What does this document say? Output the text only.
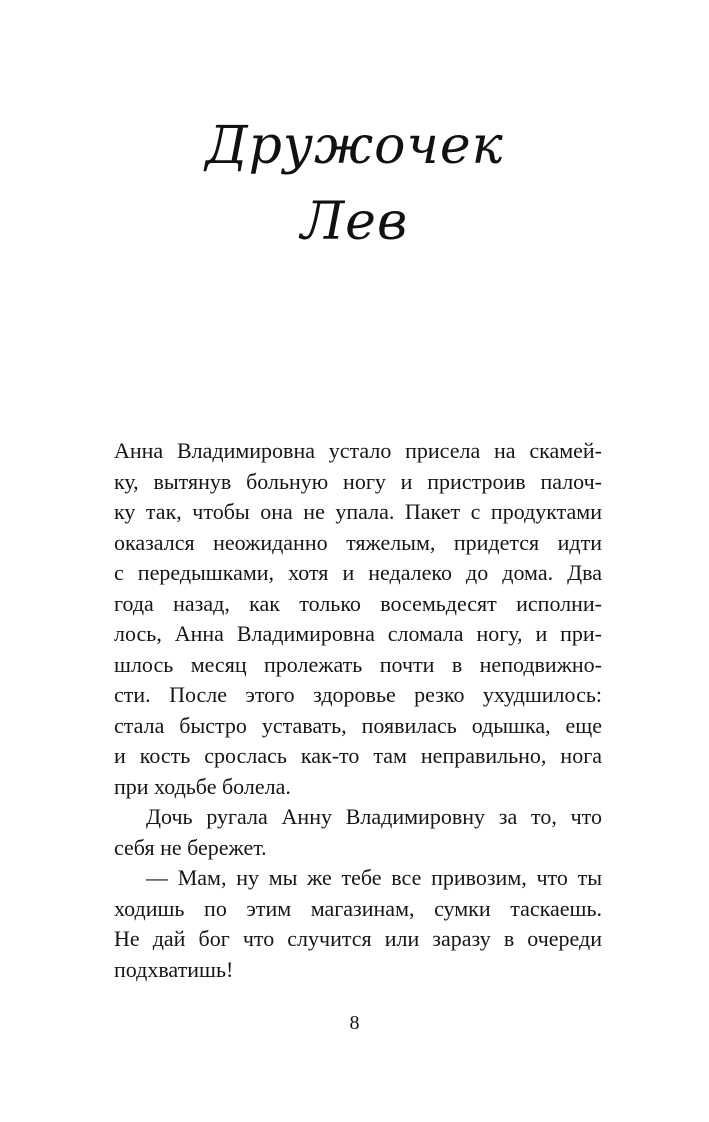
Дружочек
Лев

Анна Владимировна устало присела на скамей-
ку, вытянув больную ногу и пристроив палоч-
ку так, чтобы она не упала. Пакет с продуктами
оказался неожиданно тяжелым, придется идти
с передышками, хотя и недалеко до дома. Два
года назад, как только восемьдесят исполни-
лось, Анна Владимировна сломала ногу, и при-
шлось месяц пролежать почти в неподвижно-
сти. После этого здоровье резко ухудшилось:
стала быстро уставать, появилась одышка, еще
и кость срослась как-то там неправильно, нога
при ходьбе болела.

Дочь ругала Анну Владимировну за то, что
себя не бережет.

— Мам, ну мы же тебе все привозим, что ты
ходишь по этим магазинам, сумки таскаешь.
Не дай бог что случится или заразу в очереди
подхватишь!

8
